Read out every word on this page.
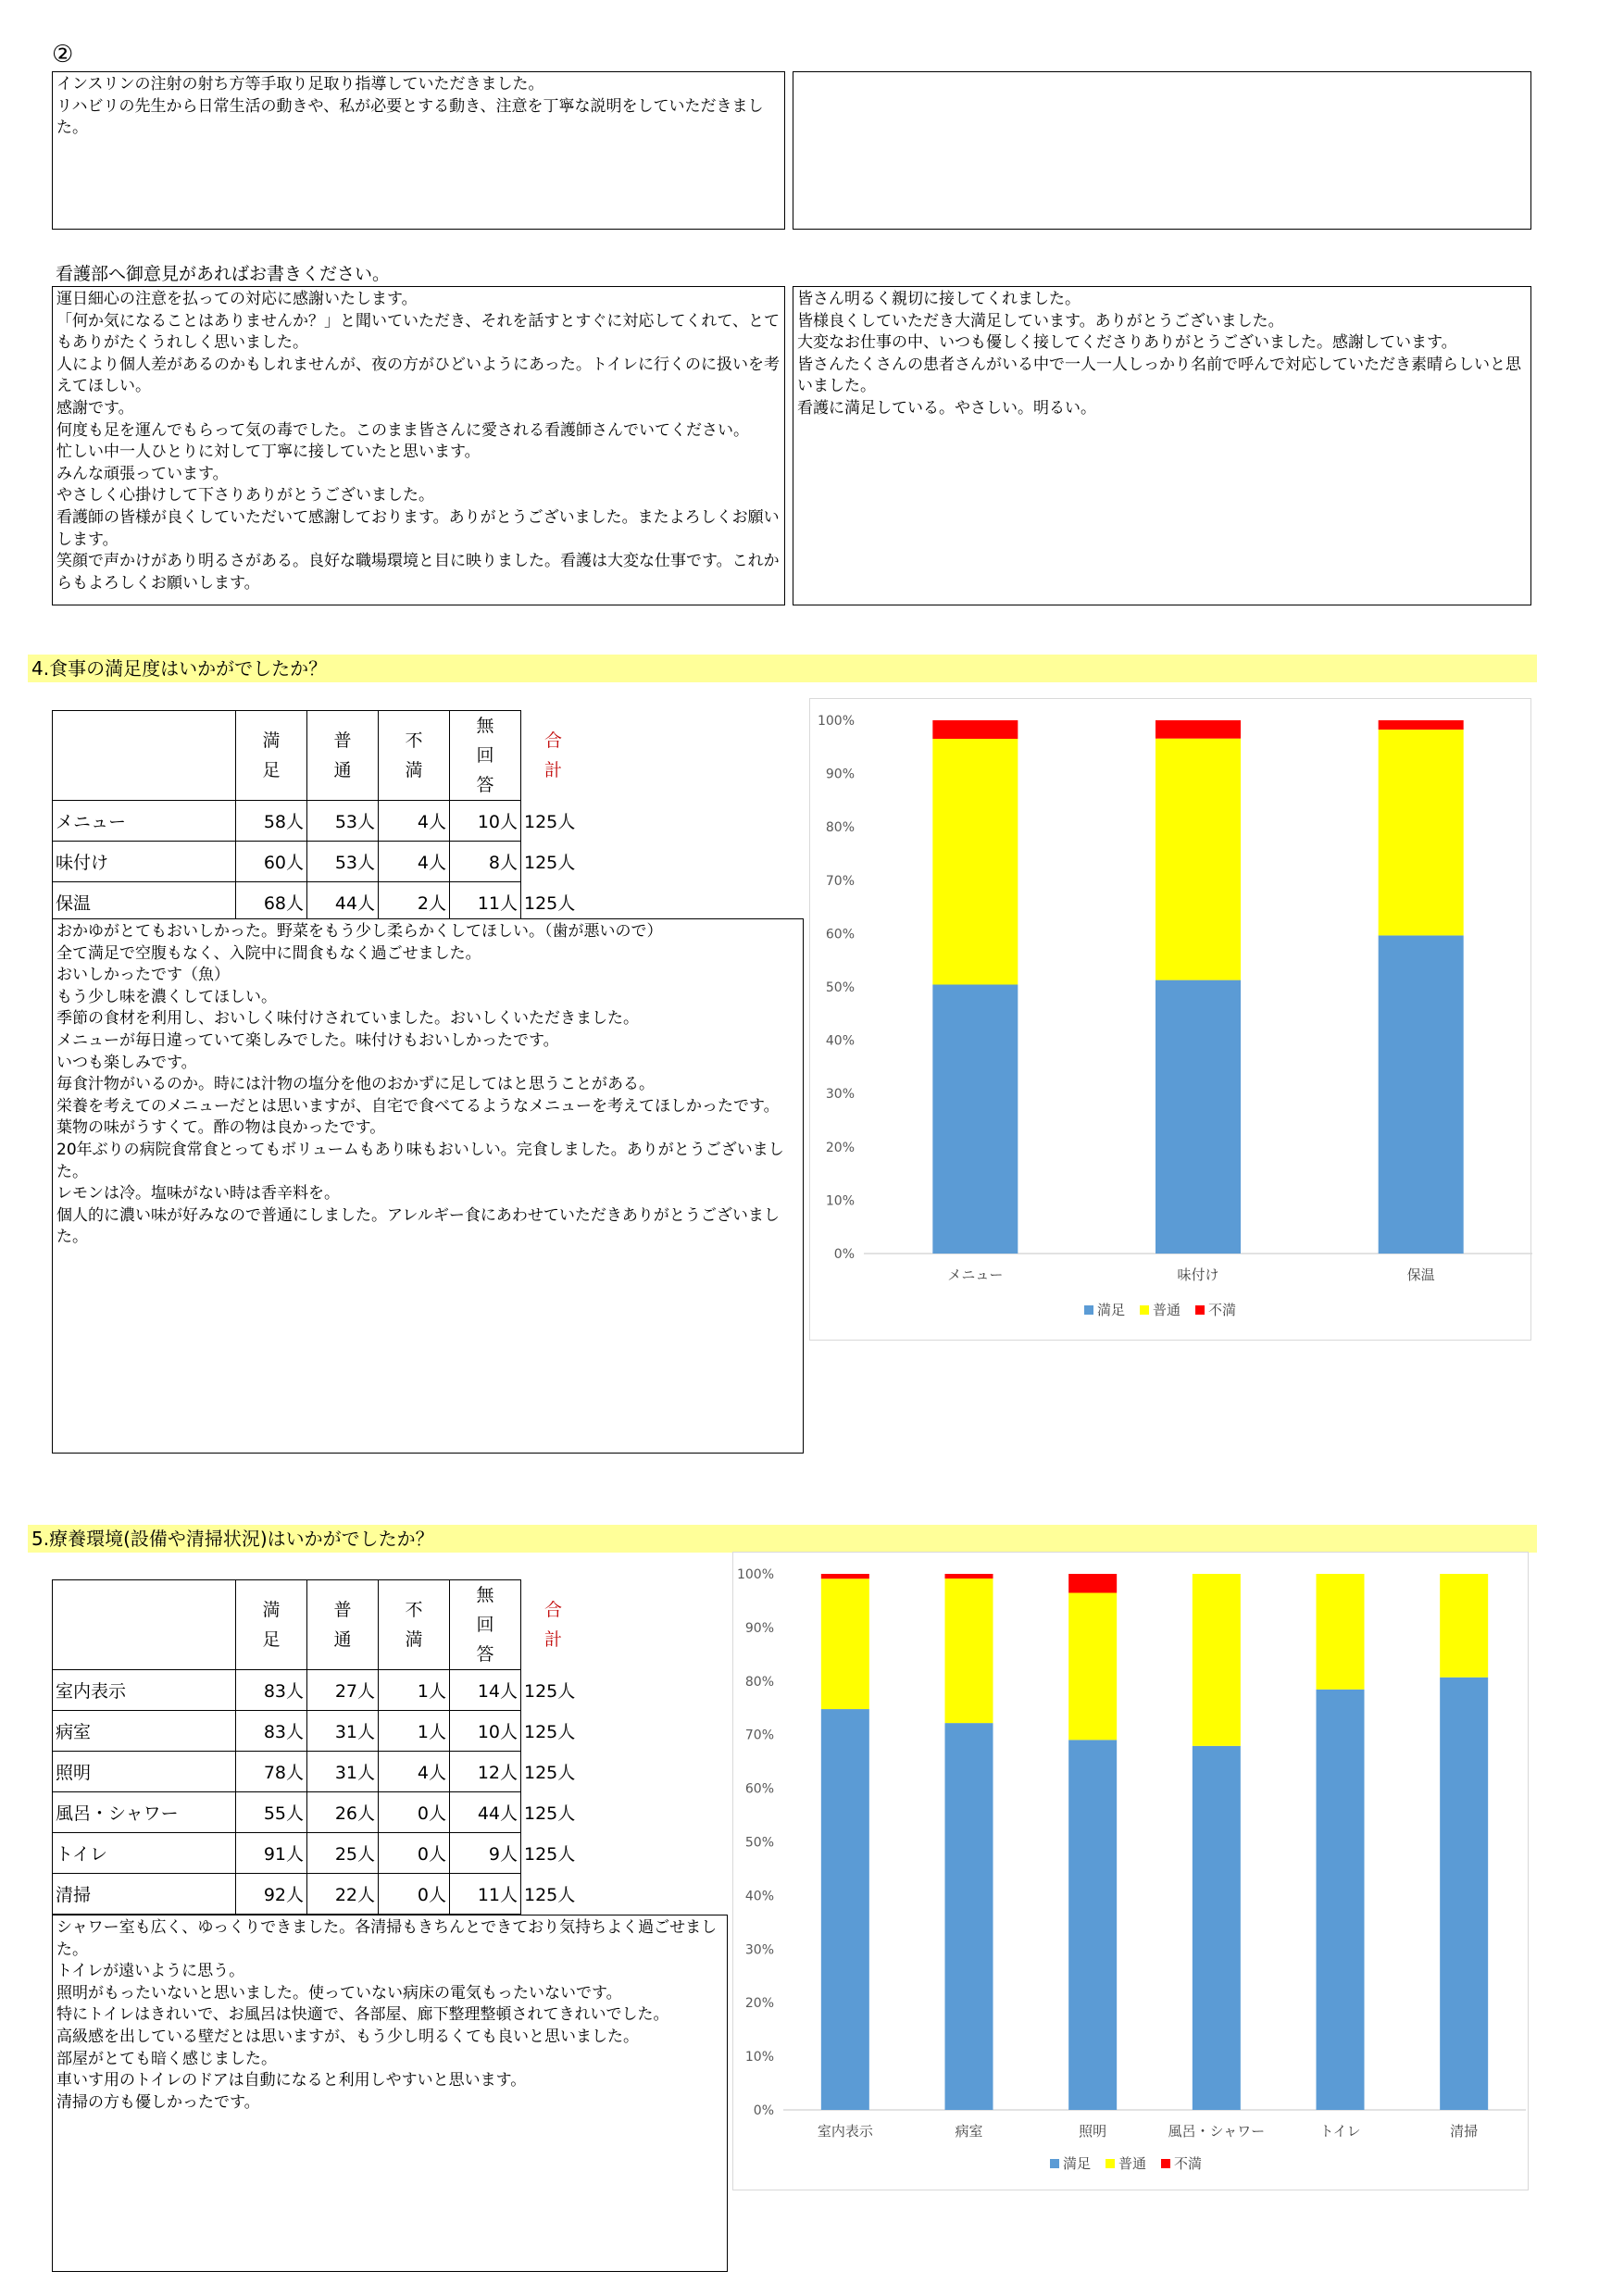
②
インスリンの注射の射ち方等手取り足取り指導していただきました。
リハビリの先生から日常生活の動きや、私が必要とする動き、注意を丁寧な説明をしていただきました。
看護部へ御意見があればお書きください。
運日細心の注意を払っての対応に感謝いたします。
「何か気になることはありませんか？」と聞いていただき、それを話すとすぐに対応してくれて、とてもありがたくうれしく思いました。
人により個人差があるのかもしれませんが、夜の方がひどいようにあった。トイレに行くのに扱いを考えてほしい。
感謝です。
何度も足を運んでもらって気の毒でした。このまま皆さんに愛される看護師さんでいてください。
忙しい中一人ひとりに対して丁寧に接していたと思います。
みんな頑張っています。
やさしく心掛けして下さりありがとうございました。
看護師の皆様が良くしていただいて感謝しております。ありがとうございました。またよろしくお願いします。
笑顔で声かけがあり明るさがある。良好な職場環境と目に映りました。看護は大変な仕事です。これからもよろしくお願いします。
皆さん明るく親切に接してくれました。
皆様良くしていただき大満足しています。ありがとうございました。
大変なお仕事の中、いつも優しく接してくださりありがとうございました。感謝しています。
皆さんたくさんの患者さんがいる中で一人一人しっかり名前で呼んで対応していただき素晴らしいと思いました。
看護に満足している。やさしい。明るい。
4.食事の満足度はいかがでしたか？
	満足	普通	不満	無回答	合計
メニュー	58人	53人	4人	10人	125人
味付け	60人	53人	4人	8人	125人
保温	68人	44人	2人	11人	125人
おかゆがとてもおいしかった。野菜をもう少し柔らかくしてほしい。（歯が悪いので）
全て満足で空腹もなく、入院中に間食もなく過ごせました。
おいしかったです（魚）
もう少し味を濃くしてほしい。
季節の食材を利用し、おいしく味付けされていました。おいしくいただきました。
メニューが毎日違っていて楽しみでした。味付けもおいしかったです。
いつも楽しみです。
毎食汁物がいるのか。時には汁物の塩分を他のおかずに足してはと思うことがある。
栄養を考えてのメニューだとは思いますが、自宅で食べてるようなメニューを考えてほしかったです。
葉物の味がうすくて。酢の物は良かったです。
20年ぶりの病院食常食とってもボリュームもあり味もおいしい。完食しました。ありがとうございました。
レモンは冷。塩味がない時は香辛料を。
個人的に濃い味が好みなので普通にしました。アレルギー食にあわせていただきありがとうございました。
0%
10%
20%
30%
40%
50%
60%
70%
80%
90%
100%
メニュー	味付け	保温
満足 普通 不満
5.療養環境(設備や清掃状況)はいかがでしたか？
	満足	普通	不満	無回答	合計
室内表示	83人	27人	1人	14人	125人
病室	83人	31人	1人	10人	125人
照明	78人	31人	4人	12人	125人
風呂・シャワー	55人	26人	0人	44人	125人
トイレ	91人	25人	0人	9人	125人
清掃	92人	22人	0人	11人	125人
シャワー室も広く、ゆっくりできました。各清掃もきちんとできており気持ちよく過ごせました。
トイレが遠いように思う。
照明がもったいないと思いました。使っていない病床の電気もったいないです。
特にトイレはきれいで、お風呂は快適で、各部屋、廊下整理整頓されてきれいでした。
高級感を出している壁だとは思いますが、もう少し明るくても良いと思いました。
部屋がとても暗く感じました。
車いす用のトイレのドアは自動になると利用しやすいと思います。
清掃の方も優しかったです。	0%
10%
20%
30%
40%
50%
60%
70%
80%
90%
100%
室内表示	病室	照明	風呂・シャワー	トイレ	清掃
満足 普通 不満
